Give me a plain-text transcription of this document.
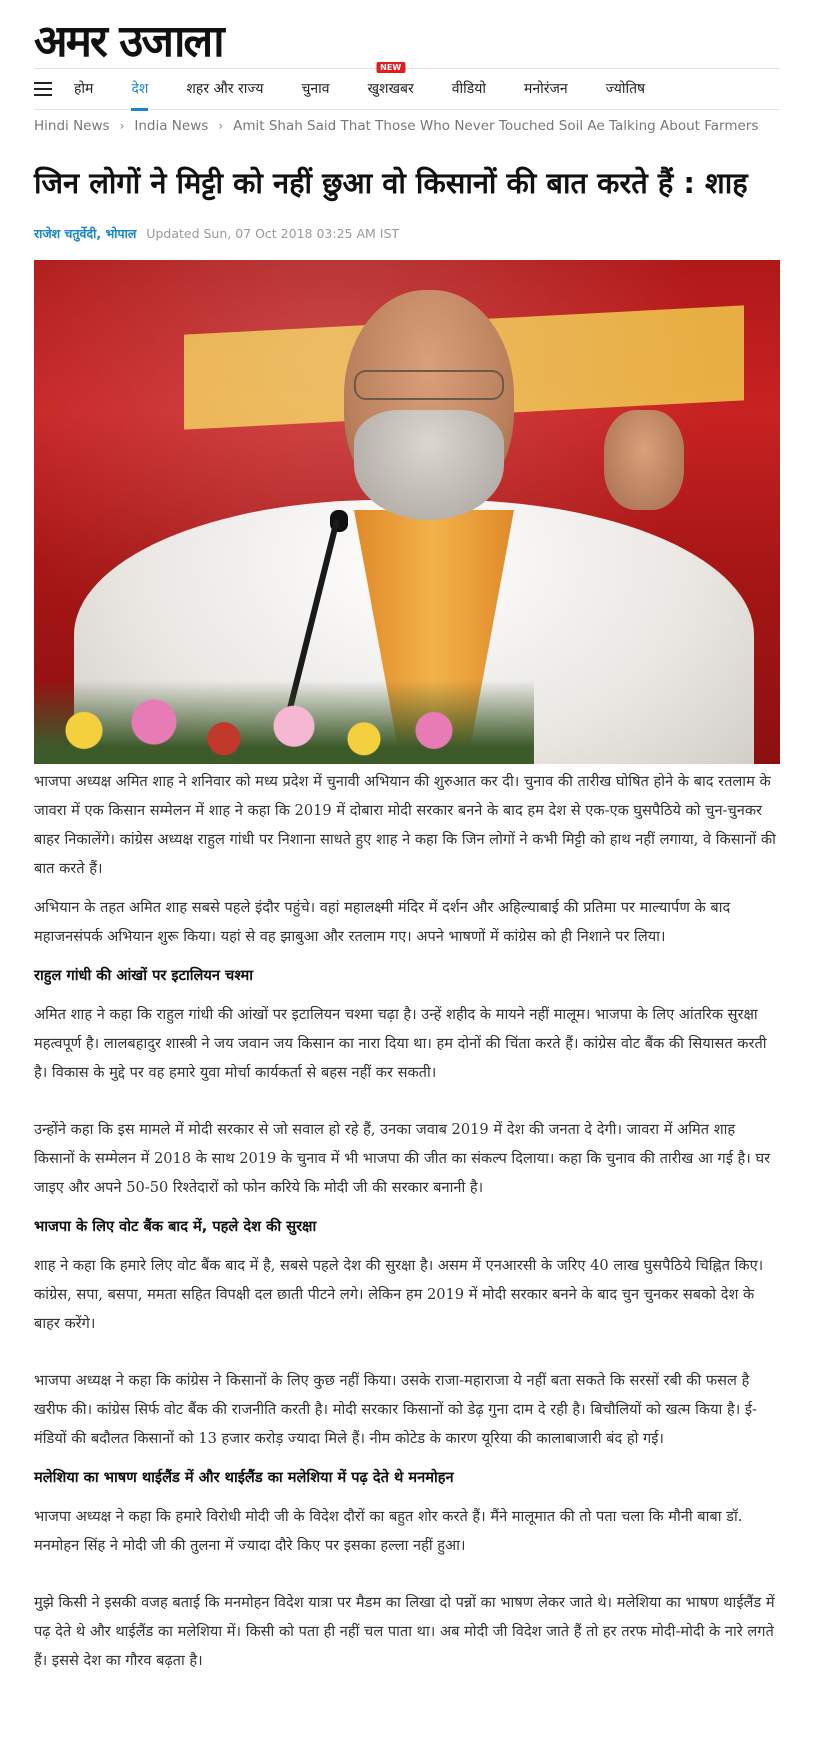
अमर उजाला
होम	देश	शहर और राज्य	चुनाव
NEW
खुशखबर	वीडियो	मनोरंजन	ज्योतिष
Hindi News › India News › Amit Shah Said That Those Who Never Touched Soil Ae Talking About Farmers
जिन लोगों ने मिट्टी को नहीं छुआ वो किसानों की बात करते हैं : शाह
राजेश चतुर्वेदी, भोपाल Updated Sun, 07 Oct 2018 03:25 AM IST

भाजपा अध्यक्ष अमित शाह ने शनिवार को मध्य प्रदेश में चुनावी अभियान की शुरुआत कर दी। चुनाव की तारीख घोषित होने के बाद रतलाम के जावरा में एक किसान सम्मेलन में शाह ने कहा कि 2019 में दोबारा मोदी सरकार बनने के बाद हम देश से एक-एक घुसपैठिये को चुन-चुनकर बाहर निकालेंगे। कांग्रेस अध्यक्ष राहुल गांधी पर निशाना साधते हुए शाह ने कहा कि जिन लोगों ने कभी मिट्टी को हाथ नहीं लगाया, वे किसानों की बात करते हैं।

अभियान के तहत अमित शाह सबसे पहले इंदौर पहुंचे। वहां महालक्ष्मी मंदिर में दर्शन और अहिल्याबाई की प्रतिमा पर माल्यार्पण के बाद महाजनसंपर्क अभियान शुरू किया। यहां से वह झाबुआ और रतलाम गए। अपने भाषणों में कांग्रेस को ही निशाने पर लिया।

राहुल गांधी की आंखों पर इटालियन चश्मा

अमित शाह ने कहा कि राहुल गांधी की आंखों पर इटालियन चश्मा चढ़ा है। उन्हें शहीद के मायने नहीं मालूम। भाजपा के लिए आंतरिक सुरक्षा महत्वपूर्ण है। लालबहादुर शास्त्री ने जय जवान जय किसान का नारा दिया था। हम दोनों की चिंता करते हैं। कांग्रेस वोट बैंक की सियासत करती है। विकास के मुद्दे पर वह हमारे युवा मोर्चा कार्यकर्ता से बहस नहीं कर सकती।

उन्होंने कहा कि इस मामले में मोदी सरकार से जो सवाल हो रहे हैं, उनका जवाब 2019 में देश की जनता दे देगी। जावरा में अमित शाह किसानों के सम्मेलन में 2018 के साथ 2019 के चुनाव में भी भाजपा की जीत का संकल्प दिलाया। कहा कि चुनाव की तारीख आ गई है। घर जाइए और अपने 50-50 रिश्तेदारों को फोन करिये कि मोदी जी की सरकार बनानी है।

भाजपा के लिए वोट बैंक बाद में, पहले देश की सुरक्षा

शाह ने कहा कि हमारे लिए वोट बैंक बाद में है, सबसे पहले देश की सुरक्षा है। असम में एनआरसी के जरिए 40 लाख घुसपैठिये चिह्नित किए। कांग्रेस, सपा, बसपा, ममता सहित विपक्षी दल छाती पीटने लगे। लेकिन हम 2019 में मोदी सरकार बनने के बाद चुन चुनकर सबको देश के बाहर करेंगे।

भाजपा अध्यक्ष ने कहा कि कांग्रेस ने किसानों के लिए कुछ नहीं किया। उसके राजा-महाराजा ये नहीं बता सकते कि सरसों रबी की फसल है खरीफ की। कांग्रेस सिर्फ वोट बैंक की राजनीति करती है। मोदी सरकार किसानों को डेढ़ गुना दाम दे रही है। बिचौलियों को खत्म किया है। ई-मंडियों की बदौलत किसानों को 13 हजार करोड़ ज्यादा मिले हैं। नीम कोटेड के कारण यूरिया की कालाबाजारी बंद हो गई।

मलेशिया का भाषण थाईलैंड में और थाईलैंड का मलेशिया में पढ़ देते थे मनमोहन

भाजपा अध्यक्ष ने कहा कि हमारे विरोधी मोदी जी के विदेश दौरों का बहुत शोर करते हैं। मैंने मालूमात की तो पता चला कि मौनी बाबा डॉ. मनमोहन सिंह ने मोदी जी की तुलना में ज्यादा दौरे किए पर इसका हल्ला नहीं हुआ।

मुझे किसी ने इसकी वजह बताई कि मनमोहन विदेश यात्रा पर मैडम का लिखा दो पन्नों का भाषण लेकर जाते थे। मलेशिया का भाषण थाईलैंड में पढ़ देते थे और थाईलैंड का मलेशिया में। किसी को पता ही नहीं चल पाता था। अब मोदी जी विदेश जाते हैं तो हर तरफ मोदी-मोदी के नारे लगते हैं। इससे देश का गौरव बढ़ता है।
